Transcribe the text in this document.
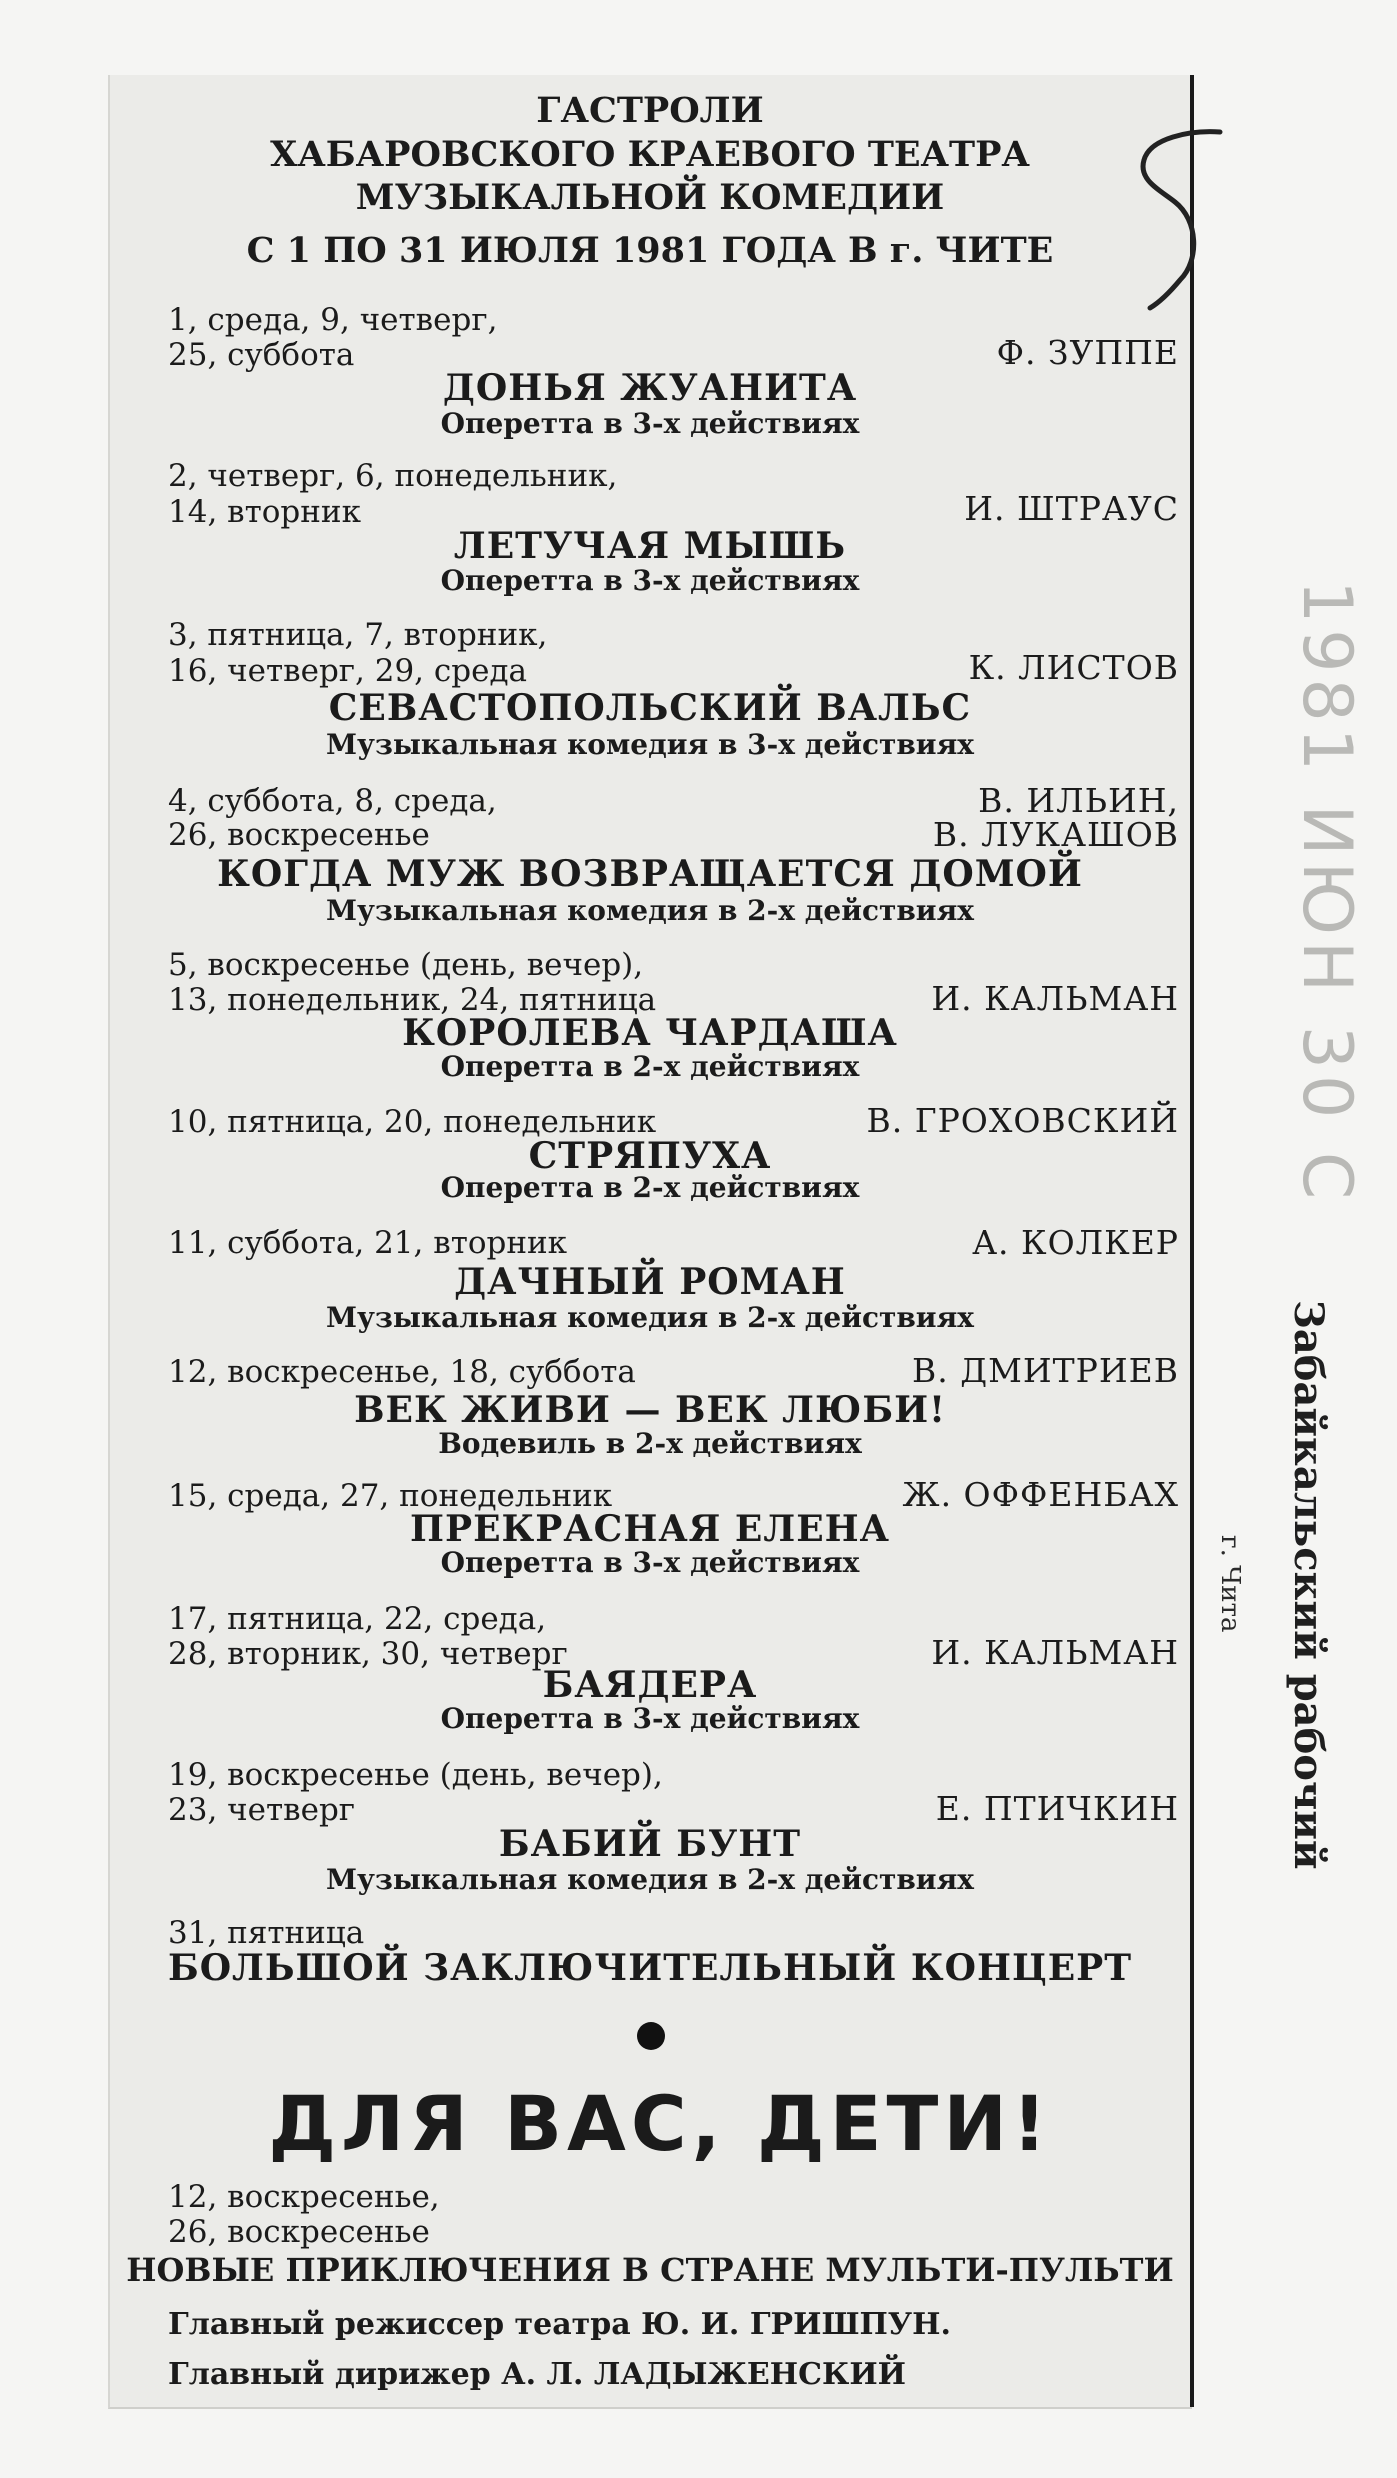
ГАСТРОЛИ
ХАБАРОВСКОГО КРАЕВОГО ТЕАТРА
МУЗЫКАЛЬНОЙ КОМЕДИИ
С 1 ПО 31 ИЮЛЯ 1981 ГОДА В г. ЧИТЕ
1, среда, 9, четверг,
25, суббота	Ф. ЗУППЕ
ДОНЬЯ ЖУАНИТА
Оперетта в 3-х действиях
2, четверг, 6, понедельник,
14, вторник	И. ШТРАУС
ЛЕТУЧАЯ МЫШЬ
Оперетта в 3-х действиях
3, пятница, 7, вторник,
16, четверг, 29, среда	К. ЛИСТОВ
СЕВАСТОПОЛЬСКИЙ ВАЛЬС
Музыкальная комедия в 3-х действиях
4, суббота, 8, среда,	В. ИЛЬИН,
26, воскресенье	В. ЛУКАШОВ
КОГДА МУЖ ВОЗВРАЩАЕТСЯ ДОМОЙ
Музыкальная комедия в 2-х действиях
5, воскресенье (день, вечер),
13, понедельник, 24, пятница	И. КАЛЬМАН
КОРОЛЕВА ЧАРДАША
Оперетта в 2-х действиях
10, пятница, 20, понедельник	В. ГРОХОВСКИЙ
СТРЯПУХА
Оперетта в 2-х действиях
11, суббота, 21, вторник	А. КОЛКЕР
ДАЧНЫЙ РОМАН
Музыкальная комедия в 2-х действиях
12, воскресенье, 18, суббота	В. ДМИТРИЕВ
ВЕК ЖИВИ — ВЕК ЛЮБИ!
Водевиль в 2-х действиях
15, среда, 27, понедельник	Ж. ОФФЕНБАХ
ПРЕКРАСНАЯ ЕЛЕНА
Оперетта в 3-х действиях
17, пятница, 22, среда,
28, вторник, 30, четверг	И. КАЛЬМАН
БАЯДЕРА
Оперетта в 3-х действиях
19, воскресенье (день, вечер),
23, четверг	Е. ПТИЧКИН
БАБИЙ БУНТ
Музыкальная комедия в 2-х действиях
31, пятница
БОЛЬШОЙ ЗАКЛЮЧИТЕЛЬНЫЙ КОНЦЕРТ
ДЛЯ ВАС, ДЕТИ!
12, воскресенье,
26, воскресенье
НОВЫЕ ПРИКЛЮЧЕНИЯ В СТРАНЕ МУЛЬТИ-ПУЛЬТИ
Главный режиссер театра Ю. И. ГРИШПУН.
Главный дирижер А. Л. ЛАДЫЖЕНСКИЙ
1981 ИЮН 30 С
Забайкальский рабочий
г. Чита
